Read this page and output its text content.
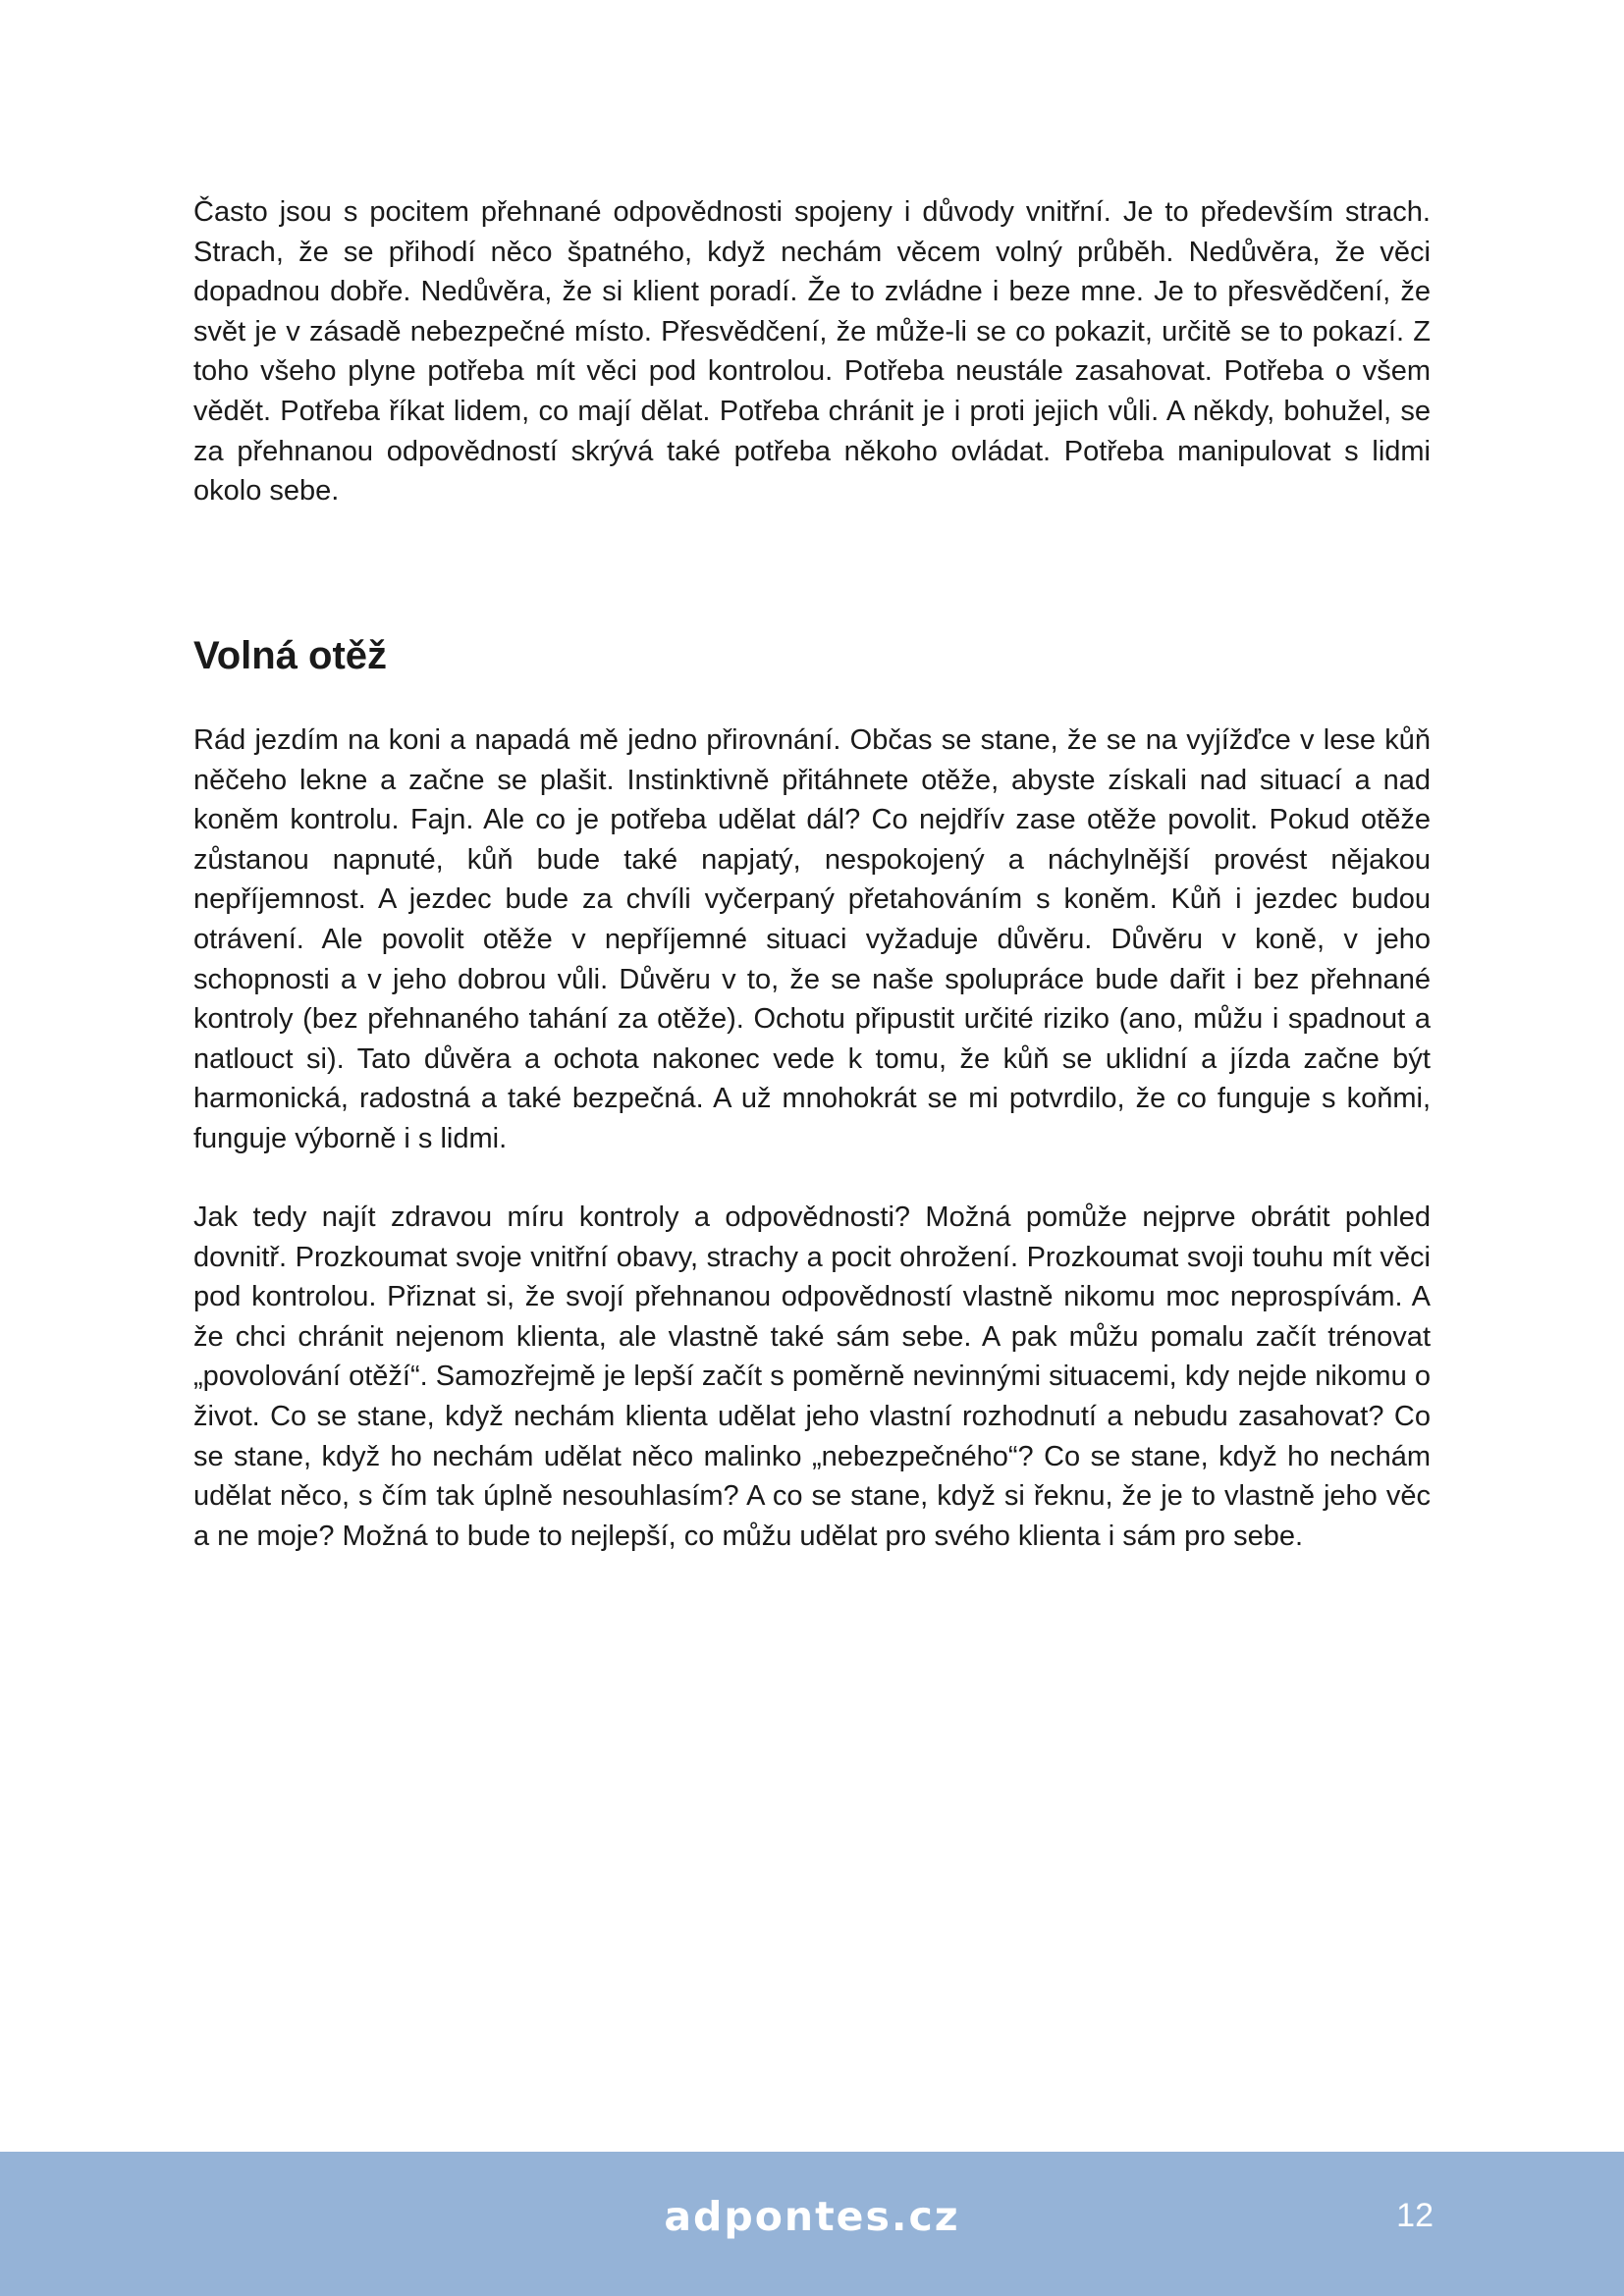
Často jsou s pocitem přehnané odpovědnosti spojeny i důvody vnitřní. Je to především strach. Strach, že se přihodí něco špatného, když nechám věcem volný průběh. Nedůvěra, že věci dopadnou dobře. Nedůvěra, že si klient poradí. Že to zvládne i beze mne. Je to přesvědčení, že svět je v zásadě nebezpečné místo. Přesvědčení, že může-li se co pokazit, určitě se to pokazí. Z toho všeho plyne potřeba mít věci pod kontrolou. Potřeba neustále zasahovat. Potřeba o všem vědět. Potřeba říkat lidem, co mají dělat. Potřeba chránit je i proti jejich vůli. A někdy, bohužel, se za přehnanou odpovědností skrývá také potřeba někoho ovládat. Potřeba manipulovat s lidmi okolo sebe.

Volná otěž

Rád jezdím na koni a napadá mě jedno přirovnání. Občas se stane, že se na vyjížďce v lese kůň něčeho lekne a začne se plašit. Instinktivně přitáhnete otěže, abyste získali nad situací a nad koněm kontrolu. Fajn. Ale co je potřeba udělat dál? Co nejdřív zase otěže povolit. Pokud otěže zůstanou napnuté, kůň bude také napjatý, nespokojený a náchylnější provést nějakou nepříjemnost. A jezdec bude za chvíli vyčerpaný přetahováním s koněm. Kůň i jezdec budou otrávení. Ale povolit otěže v nepříjemné situaci vyžaduje důvěru. Důvěru v koně, v jeho schopnosti a v jeho dobrou vůli. Důvěru v to, že se naše spolupráce bude dařit i bez přehnané kontroly (bez přehnaného tahání za otěže). Ochotu připustit určité riziko (ano, můžu i spadnout a natlouct si). Tato důvěra a ochota nakonec vede k tomu, že kůň se uklidní a jízda začne být harmonická, radostná a také bezpečná. A už mnohokrát se mi potvrdilo, že co funguje s koňmi, funguje výborně i s lidmi.

Jak tedy najít zdravou míru kontroly a odpovědnosti? Možná pomůže nejprve obrátit pohled dovnitř. Prozkoumat svoje vnitřní obavy, strachy a pocit ohrožení. Prozkoumat svoji touhu mít věci pod kontrolou. Přiznat si, že svojí přehnanou odpovědností vlastně nikomu moc neprospívám. A že chci chránit nejenom klienta, ale vlastně také sám sebe. A pak můžu pomalu začít trénovat „povolování otěží“. Samozřejmě je lepší začít s poměrně nevinnými situacemi, kdy nejde nikomu o život. Co se stane, když nechám klienta udělat jeho vlastní rozhodnutí a nebudu zasahovat? Co se stane, když ho nechám udělat něco malinko „nebezpečného“? Co se stane, když ho nechám udělat něco, s čím tak úplně nesouhlasím? A co se stane, když si řeknu, že je to vlastně jeho věc a ne moje? Možná to bude to nejlepší, co můžu udělat pro svého klienta i sám pro sebe.

adpontes.cz	12
